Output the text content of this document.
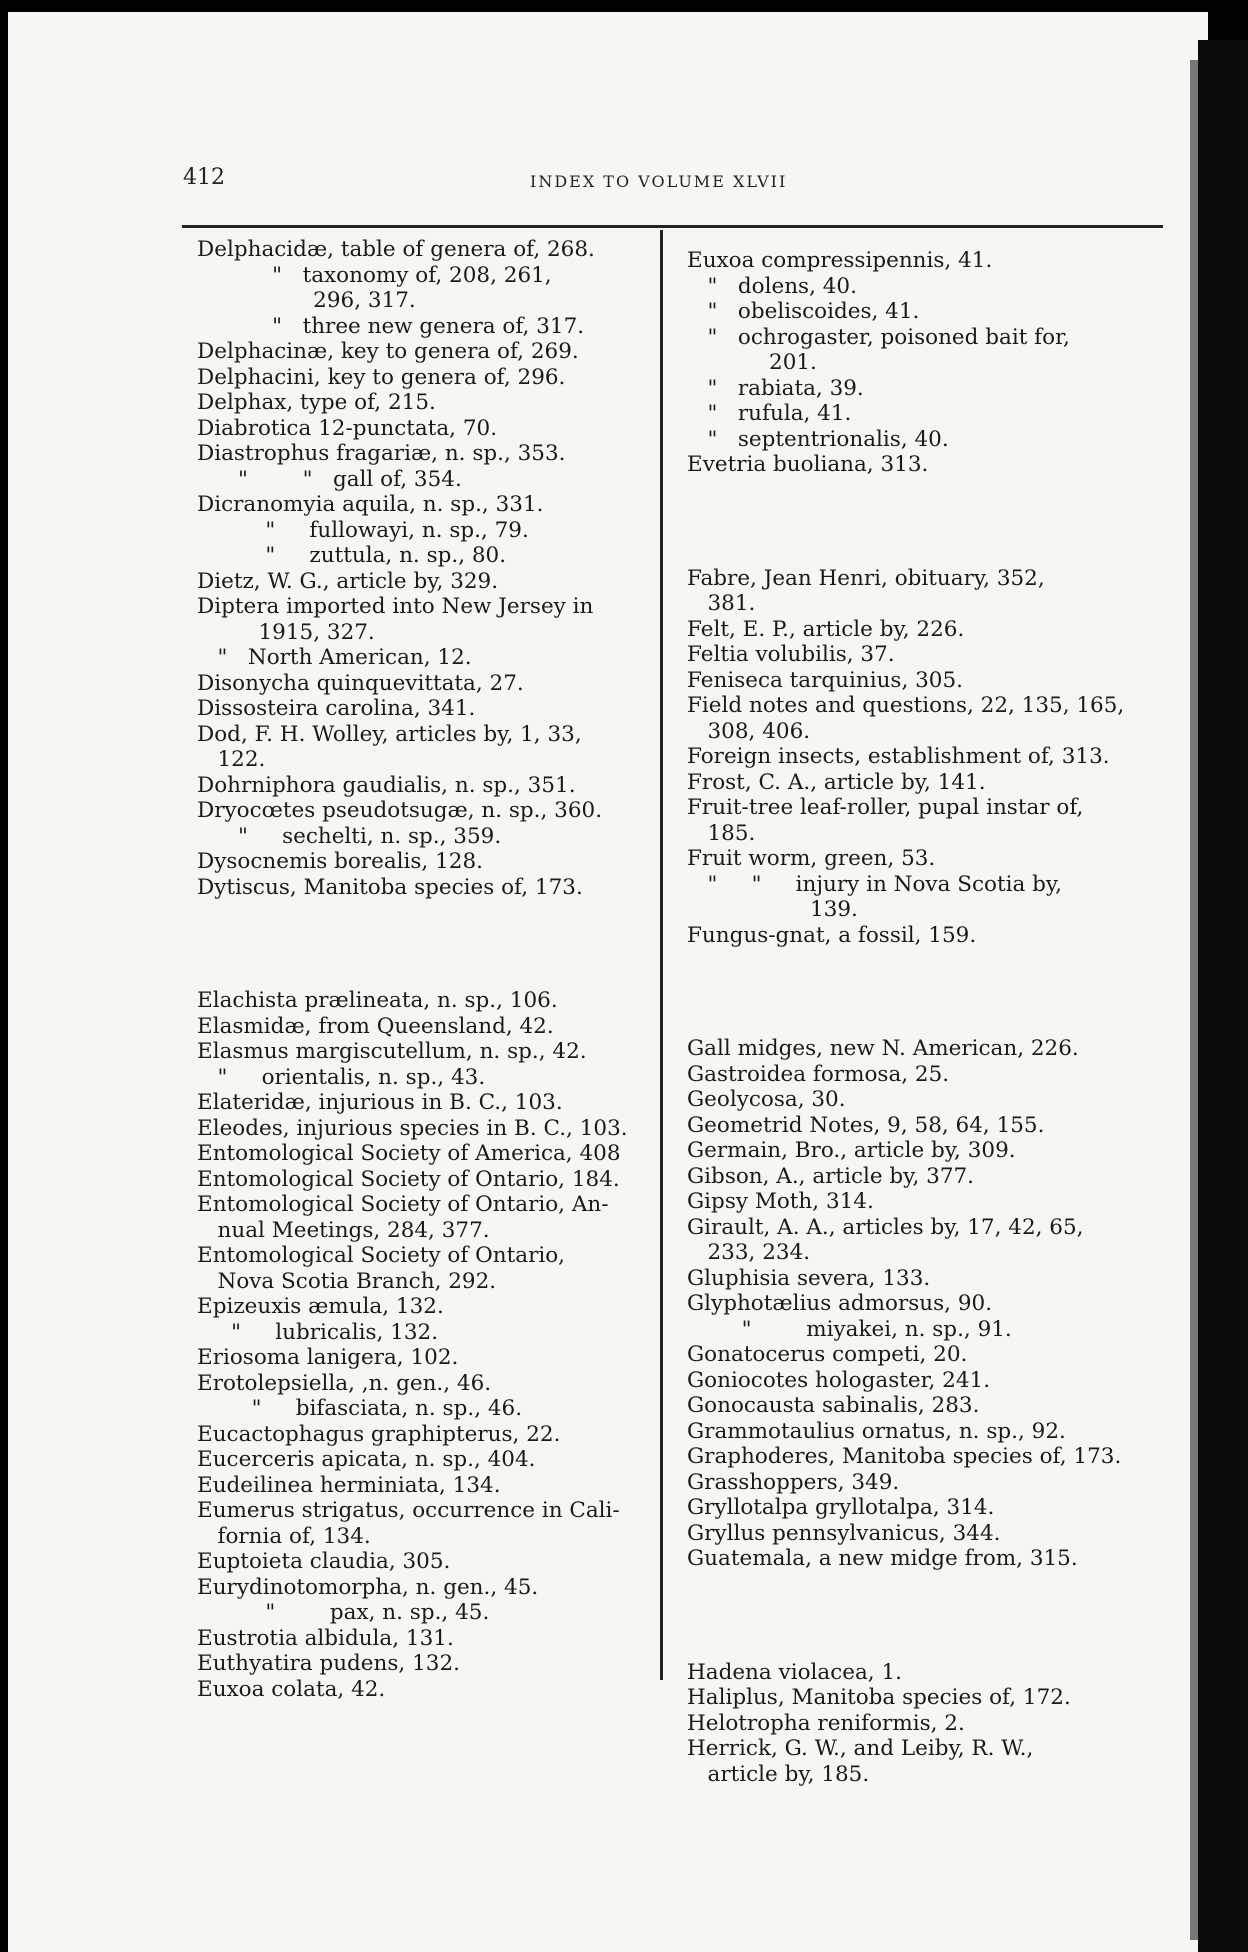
412	INDEX TO VOLUME XLVII

Delphacidæ, table of genera of, 268.
"   taxonomy of, 208, 261,
296, 317.
"   three new genera of, 317.
Delphacinæ, key to genera of, 269.
Delphacini, key to genera of, 296.
Delphax, type of, 215.
Diabrotica 12-punctata, 70.
Diastrophus fragariæ, n. sp., 353.
"        "   gall of, 354.
Dicranomyia aquila, n. sp., 331.
"     fullowayi, n. sp., 79.
"     zuttula, n. sp., 80.
Dietz, W. G., article by, 329.
Diptera imported into New Jersey in
1915, 327.
"   North American, 12.
Disonycha quinquevittata, 27.
Dissosteira carolina, 341.
Dod, F. H. Wolley, articles by, 1, 33,
122.
Dohrniphora gaudialis, n. sp., 351.
Dryocœtes pseudotsugæ, n. sp., 360.
"     sechelti, n. sp., 359.
Dysocnemis borealis, 128.
Dytiscus, Manitoba species of, 173.
Elachista prælineata, n. sp., 106.
Elasmidæ, from Queensland, 42.
Elasmus margiscutellum, n. sp., 42.
"     orientalis, n. sp., 43.
Elateridæ, injurious in B. C., 103.
Eleodes, injurious species in B. C., 103.
Entomological Society of America, 408
Entomological Society of Ontario, 184.
Entomological Society of Ontario, An-
nual Meetings, 284, 377.
Entomological Society of Ontario,
Nova Scotia Branch, 292.
Epizeuxis æmula, 132.
"     lubricalis, 132.
Eriosoma lanigera, 102.
Erotolepsiella, ,n. gen., 46.
"     bifasciata, n. sp., 46.
Eucactophagus graphipterus, 22.
Eucerceris apicata, n. sp., 404.
Eudeilinea herminiata, 134.
Eumerus strigatus, occurrence in Cali-
fornia of, 134.
Euptoieta claudia, 305.
Eurydinotomorpha, n. gen., 45.
"        pax, n. sp., 45.
Eustrotia albidula, 131.
Euthyatira pudens, 132.
Euxoa colata, 42.
Euxoa compressipennis, 41.
"   dolens, 40.
"   obeliscoides, 41.
"   ochrogaster, poisoned bait for,
201.
"   rabiata, 39.
"   rufula, 41.
"   septentrionalis, 40.
Evetria buoliana, 313.
Fabre, Jean Henri, obituary, 352,
381.
Felt, E. P., article by, 226.
Feltia volubilis, 37.
Feniseca tarquinius, 305.
Field notes and questions, 22, 135, 165,
308, 406.
Foreign insects, establishment of, 313.
Frost, C. A., article by, 141.
Fruit-tree leaf-roller, pupal instar of,
185.
Fruit worm, green, 53.
"     "     injury in Nova Scotia by,
139.
Fungus-gnat, a fossil, 159.
Gall midges, new N. American, 226.
Gastroidea formosa, 25.
Geolycosa, 30.
Geometrid Notes, 9, 58, 64, 155.
Germain, Bro., article by, 309.
Gibson, A., article by, 377.
Gipsy Moth, 314.
Girault, A. A., articles by, 17, 42, 65,
233, 234.
Gluphisia severa, 133.
Glyphotælius admorsus, 90.
"        miyakei, n. sp., 91.
Gonatocerus competi, 20.
Goniocotes hologaster, 241.
Gonocausta sabinalis, 283.
Grammotaulius ornatus, n. sp., 92.
Graphoderes, Manitoba species of, 173.
Grasshoppers, 349.
Gryllotalpa gryllotalpa, 314.
Gryllus pennsylvanicus, 344.
Guatemala, a new midge from, 315.
Hadena violacea, 1.
Haliplus, Manitoba species of, 172.
Helotropha reniformis, 2.
Herrick, G. W., and Leiby, R. W.,
article by, 185.
